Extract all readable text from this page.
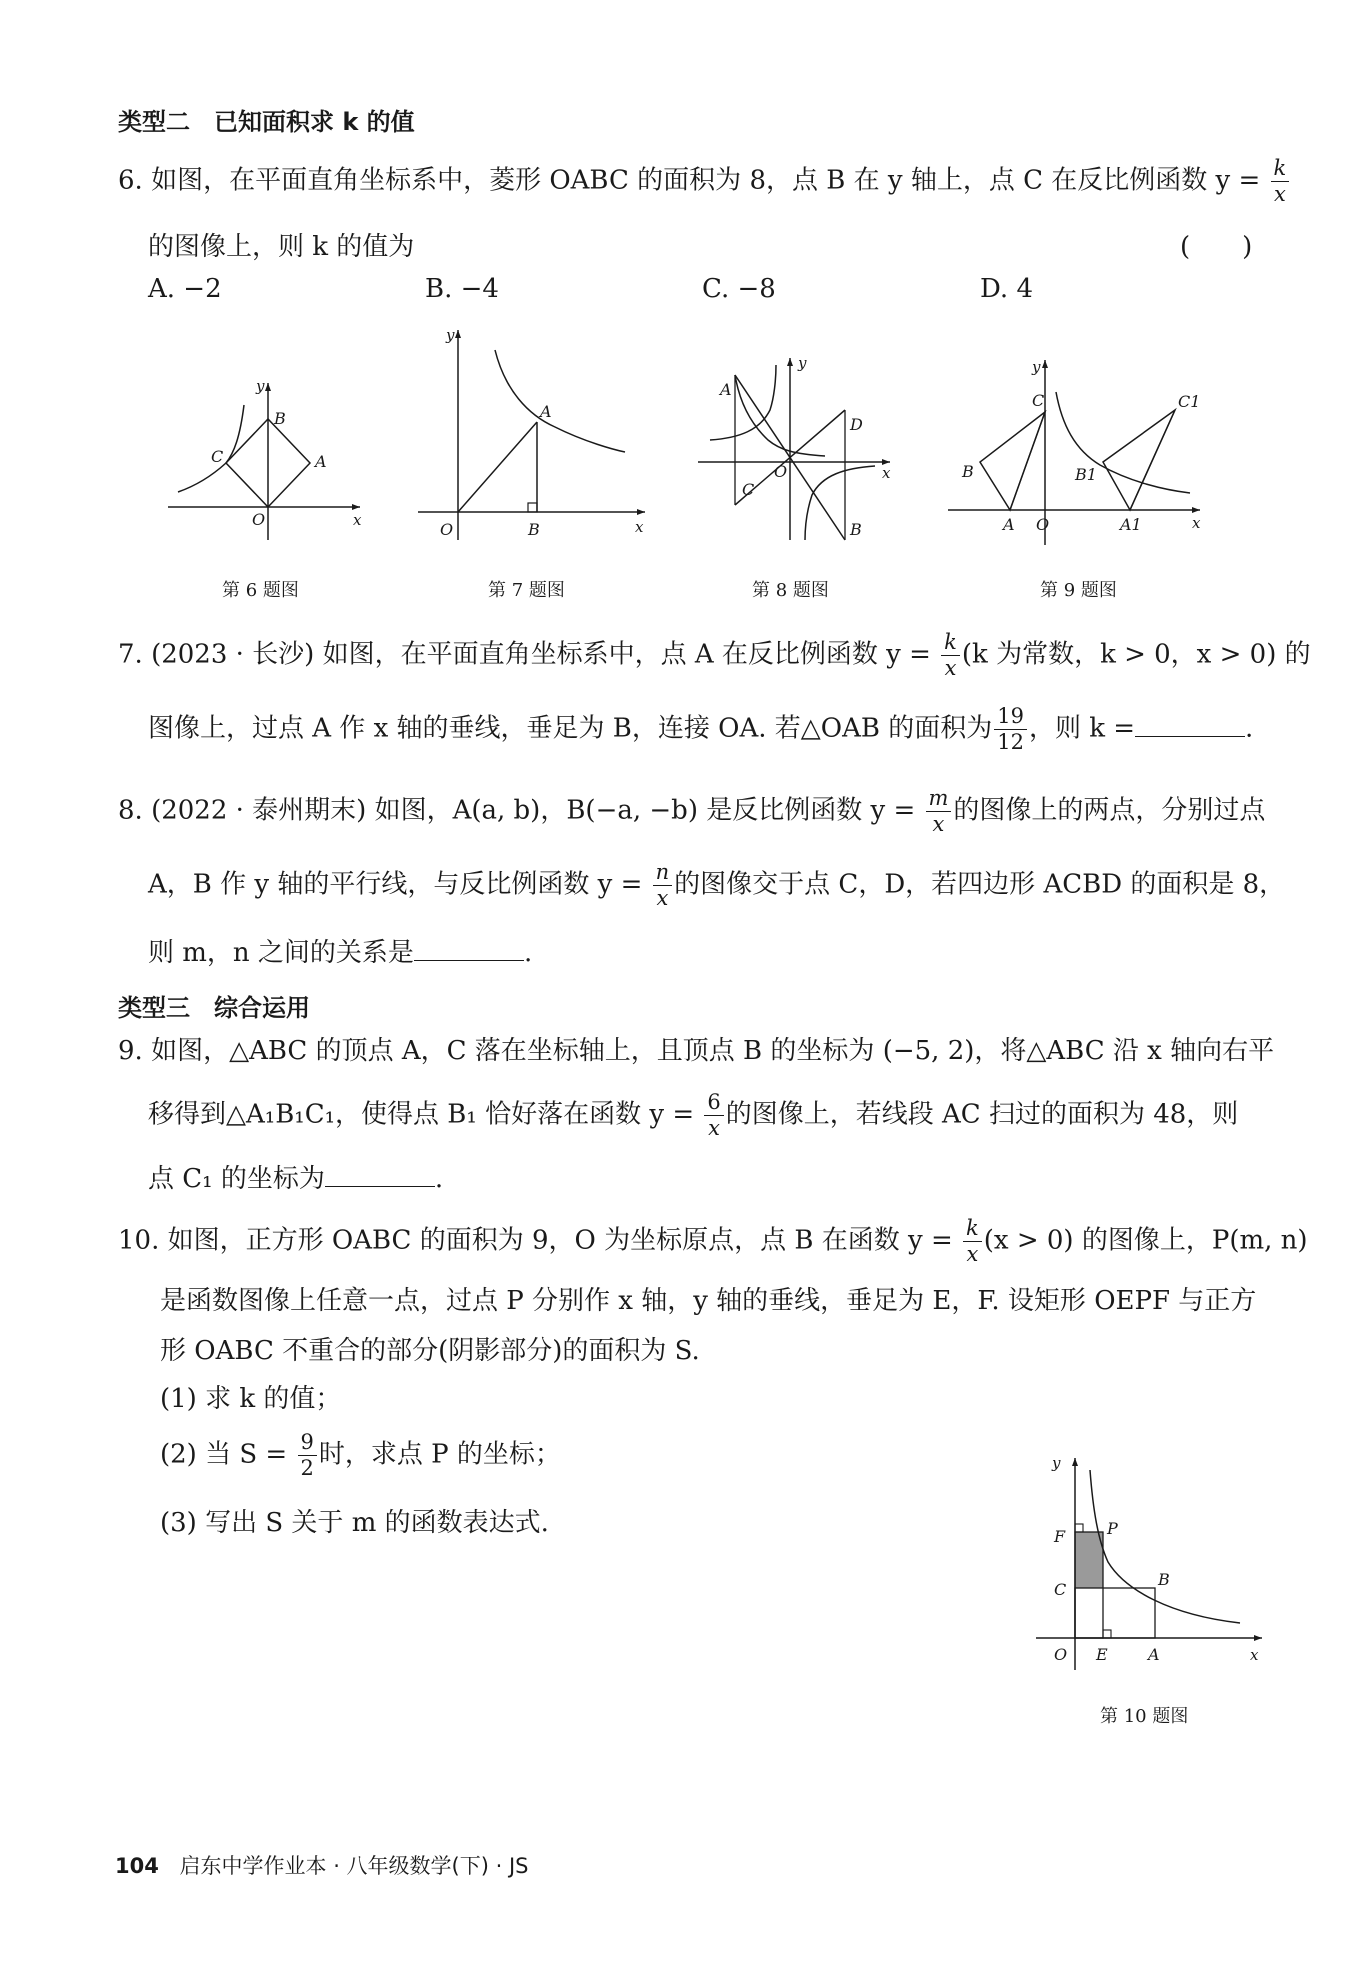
类型二　已知面积求 k 的值
6. 如图，在平面直角坐标系中，菱形 OABC 的面积为 8，点 B 在 y 轴上，点 C 在反比例函数 $y = \frac{k}{x}$
的图像上，则 k 的值为	(　　)
A. −2	B. −4	C. −8	D. 4
y
x
B
C	A
O
第 6 题图
y
x
A
O	B
第 7 题图
y
x
A
D
O
C
B
第 8 题图
y
x
C	C1
B	B1
A O	A1
第 9 题图
7. (2023 · 长沙) 如图，在平面直角坐标系中，点 A 在反比例函数 $y = \frac{k}{x} (k$ 为常数，k > 0，x > 0) 的
图像上，过点 A 作 x 轴的垂线，垂足为 B，连接 OA. 若△OAB 的面积为 $\frac{19}{12}$ ，则 k =	.
8. (2022 · 泰州期末) 如图，A(a, b)，B(−a, −b) 是反比例函数 $y = \frac{m}{x}$ 的图像上的两点，分别过点
A，B 作 y 轴的平行线，与反比例函数 $y = \frac{n}{x}$ 的图像交于点 C，D，若四边形 ACBD 的面积是 8，
则 m，n 之间的关系是	.
类型三　综合运用
9. 如图，△ABC 的顶点 A，C 落在坐标轴上，且顶点 B 的坐标为 (−5, 2)，将△ABC 沿 x 轴向右平
移得到△A₁B₁C₁，使得点 B₁ 恰好落在函数 $y = \frac{6}{x}$ 的图像上，若线段 AC 扫过的面积为 48，则
点 C₁ 的坐标为	.
10. 如图，正方形 OABC 的面积为 9，O 为坐标原点，点 B 在函数 $y = \frac{k}{x} (x > 0)$ 的图像上，P(m, n)
是函数图像上任意一点，过点 P 分别作 x 轴，y 轴的垂线，垂足为 E，F. 设矩形 OEPF 与正方
形 OABC 不重合的部分(阴影部分)的面积为 S.
(1) 求 k 的值；
(2) 当 $S = \frac{9}{2}$ 时，求点 P 的坐标；
(3) 写出 S 关于 m 的函数表达式.
y
x
F	P
C
B
O E	A
第 10 题图
104 启东中学作业本 · 八年级数学(下) · JS
